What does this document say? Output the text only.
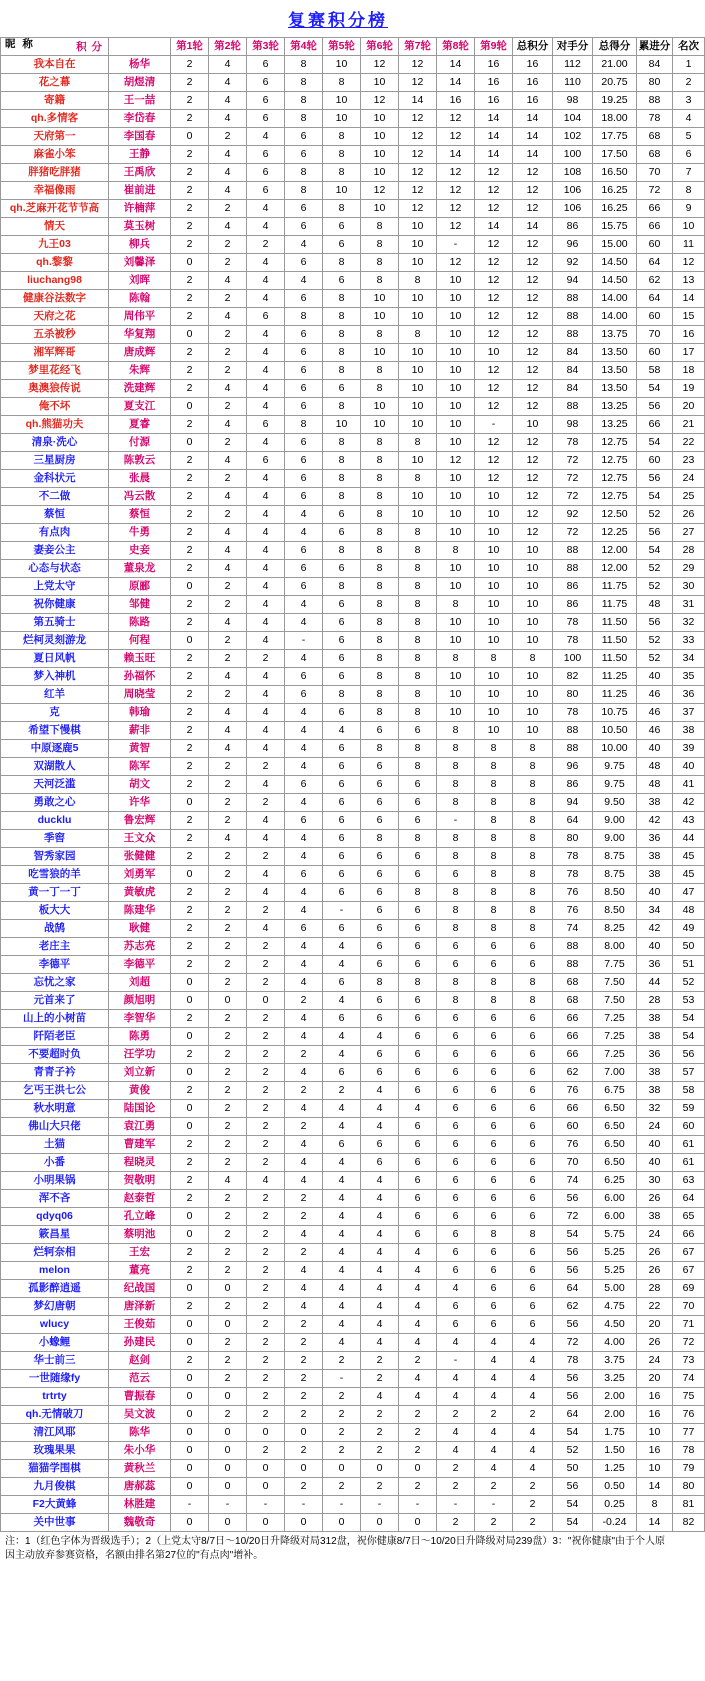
复赛积分榜
昵 称 积 分		第1轮	第2轮	第3轮	第4轮	第5轮	第6轮	第7轮	第8轮	第9轮	总积分	对手分	总得分	累进分	名次
我本自在	杨华	2	4	6	8	10	12	12	14	16	16	112	21.00	84	1
花之幕	胡煜清	2	4	6	8	8	10	12	14	16	16	110	20.75	80	2
寄籍	王一喆	2	4	6	8	10	12	14	16	16	16	98	19.25	88	3
qh.多情客	李岱春	2	4	6	8	10	10	12	12	14	14	104	18.00	78	4
天府第一	李国春	0	2	4	6	8	10	12	12	14	14	102	17.75	68	5
麻雀小笨	王静	2	4	6	6	8	10	12	14	14	14	100	17.50	68	6
胖猪吃胖猪	王禹欣	2	4	6	8	8	10	12	12	12	12	108	16.50	70	7
幸福像雨	崔前进	2	4	6	8	10	12	12	12	12	12	106	16.25	72	8
qh.芝麻开花节节高	许楠萍	2	2	4	6	8	10	12	12	12	12	106	16.25	66	9
情天	莫玉树	2	4	4	6	6	8	10	12	14	14	86	15.75	66	10
九王03	柳兵	2	2	2	4	6	8	10	-	12	12	96	15.00	60	11
qh.黎黎	刘馨泽	0	2	4	6	8	8	10	12	12	12	92	14.50	64	12
liuchang98	刘晖	2	4	4	4	6	8	8	10	12	12	94	14.50	62	13
健康谷法数字	陈翰	2	2	4	6	8	10	10	10	12	12	88	14.00	64	14
天府之花	周伟平	2	4	6	8	8	10	10	10	12	12	88	14.00	60	15
五杀被秒	华复翔	0	2	4	6	8	8	8	10	12	12	88	13.75	70	16
湘军辉哥	唐成辉	2	2	4	6	8	10	10	10	10	12	84	13.50	60	17
梦里花经飞	朱辉	2	2	4	6	8	8	10	10	12	12	84	13.50	58	18
奥澳狼传说	洗建辉	2	4	4	6	6	8	10	10	12	12	84	13.50	54	19
俺不坏	夏支江	0	2	4	6	8	10	10	10	12	12	88	13.25	56	20
qh.熊猫功夫	夏睿	2	4	6	8	10	10	10	10	-	10	98	13.25	66	21
清泉·洗心	付源	0	2	4	6	8	8	8	10	12	12	78	12.75	54	22
三星厨房	陈敦云	2	4	6	6	8	8	10	12	12	12	72	12.75	60	23
金科状元	张晨	2	2	4	6	8	8	8	10	12	12	72	12.75	56	24
不二做	冯云散	2	4	4	6	8	8	10	10	10	12	72	12.75	54	25
蔡恒	蔡恒	2	2	4	4	6	8	10	10	10	12	92	12.50	52	26
有点肉	牛勇	2	4	4	4	6	8	8	10	10	12	72	12.25	56	27
妻妾公主	史妾	2	4	4	6	8	8	8	8	10	10	88	12.00	54	28
心态与状态	董泉龙	2	4	4	6	6	8	8	10	10	10	88	12.00	52	29
上党太守	原郦	0	2	4	6	8	8	8	10	10	10	86	11.75	52	30
祝你健康	邹健	2	2	4	4	6	8	8	8	10	10	86	11.75	48	31
第五骑士	陈路	2	4	4	4	6	8	8	10	10	10	78	11.50	56	32
烂柯灵刻游龙	何程	0	2	4	-	6	8	8	10	10	10	78	11.50	52	33
夏日风帆	赖玉旺	2	2	2	4	6	8	8	8	8	8	100	11.50	52	34
梦入神机	孙福怀	2	4	4	6	6	8	8	10	10	10	82	11.25	40	35
红羊	周晓莹	2	2	4	6	8	8	8	10	10	10	80	11.25	46	36
克	韩瑜	2	4	4	4	6	8	8	10	10	10	78	10.75	46	37
希望下慢棋	薪非	2	4	4	4	4	6	6	8	10	10	88	10.50	46	38
中原逐鹿5	黄智	2	4	4	4	6	8	8	8	8	8	88	10.00	40	39
双湖散人	陈军	2	2	2	4	6	6	8	8	8	8	96	9.75	48	40
天河泛滥	胡文	2	2	4	6	6	6	6	8	8	8	86	9.75	48	41
勇敢之心	许华	0	2	2	4	6	6	6	8	8	8	94	9.50	38	42
ducklu	鲁宏辉	2	2	4	6	6	6	6	-	8	8	64	9.00	42	43
季窖	王文众	2	4	4	4	6	8	8	8	8	8	80	9.00	36	44
智秀家园	张健健	2	2	2	4	6	6	6	8	8	8	78	8.75	38	45
吃雪狼的羊	刘勇军	0	2	4	6	6	6	6	6	8	8	78	8.75	38	45
黄一丁一丁	黄敏虎	2	2	4	4	6	6	8	8	8	8	76	8.50	40	47
板大大	陈建华	2	2	2	4	-	6	6	8	8	8	76	8.50	34	48
战鹄	耿健	2	2	4	6	6	6	6	8	8	8	74	8.25	42	49
老庄主	苏志亮	2	2	2	4	4	6	6	6	6	6	88	8.00	40	50
李德平	李德平	2	2	2	4	4	6	6	6	6	6	88	7.75	36	51
忘忧之家	刘超	0	2	2	4	6	8	8	8	8	8	68	7.50	44	52
元首来了	颜旭明	0	0	0	2	4	6	6	8	8	8	68	7.50	28	53
山上的小树苗	李智华	2	2	2	4	6	6	6	6	6	6	66	7.25	38	54
阡陌老臣	陈勇	0	2	2	4	4	4	6	6	6	6	66	7.25	38	54
不要超时负	汪学功	2	2	2	2	4	6	6	6	6	6	66	7.25	36	56
青青子衿	刘立新	0	2	2	4	6	6	6	6	6	6	62	7.00	38	57
乞丐王洪七公	黄俊	2	2	2	2	2	4	6	6	6	6	76	6.75	38	58
秋水明意	陆国论	0	2	2	4	4	4	4	6	6	6	66	6.50	32	59
佛山大只佬	袁江勇	0	2	2	2	4	4	6	6	6	6	60	6.50	24	60
土猫	曹建军	2	2	2	4	6	6	6	6	6	6	76	6.50	40	61
小番	程晓灵	2	2	2	4	4	6	6	6	6	6	70	6.50	40	61
小明果锅	贺敬明	2	4	4	4	4	4	6	6	6	6	74	6.25	30	63
浑不吝	赵泰哲	2	2	2	2	4	4	6	6	6	6	56	6.00	26	64
qdyq06	孔立峰	0	2	2	2	4	4	6	6	6	6	72	6.00	38	65
簌昌星	蔡明池	0	2	2	4	4	4	6	6	8	8	54	5.75	24	66
烂轲奈相	王宏	2	2	2	2	4	4	4	6	6	6	56	5.25	26	67
melon	董亮	2	2	2	4	4	4	4	6	6	6	56	5.25	26	67
孤影醉逍遥	纪战国	0	0	2	4	4	4	4	4	6	6	64	5.00	28	69
梦幻唐朝	唐泽新	2	2	2	4	4	4	4	6	6	6	62	4.75	22	70
wlucy	王俊茹	0	0	2	2	4	4	4	6	6	6	56	4.50	20	71
小蟓鲤	孙建民	0	2	2	2	4	4	4	4	4	4	72	4.00	26	72
华士前三	赵剑	2	2	2	2	2	2	2	-	4	4	78	3.75	24	73
一世随缘fy	范云	0	2	2	2	-	2	4	4	4	4	56	3.25	20	74
trtrty	曹振春	0	0	2	2	2	4	4	4	4	4	56	2.00	16	75
qh.无情破刀	吴文波	0	2	2	2	2	2	2	2	2	2	64	2.00	16	76
清江风耶	陈华	0	0	0	0	2	2	2	4	4	4	54	1.75	10	77
玫瑰果果	朱小华	0	0	2	2	2	2	2	4	4	4	52	1.50	16	78
猫猫学围棋	黄秋兰	0	0	0	0	0	0	0	2	4	4	50	1.25	10	79
九月俊棋	唐郝蕊	0	0	0	2	2	2	2	2	2	2	56	0.50	14	80
F2大黄蜂	林胜建	-	-	-	-	-	-	-	-	-	2	54	0.25	8	81
关中世事	魏敬奇	0	0	0	0	0	0	0	2	2	2	54	-0.24	14	82
注：1（红色字体为晋级选手）；2（上党太守8/7日～10/20日升降级对局312盘，祝你健康8/7日～10/20日升降级对局239盘）3："祝你健康"由于个人原因主动放弃参赛资格，名额由排名第27位的"有点肉"增补。
